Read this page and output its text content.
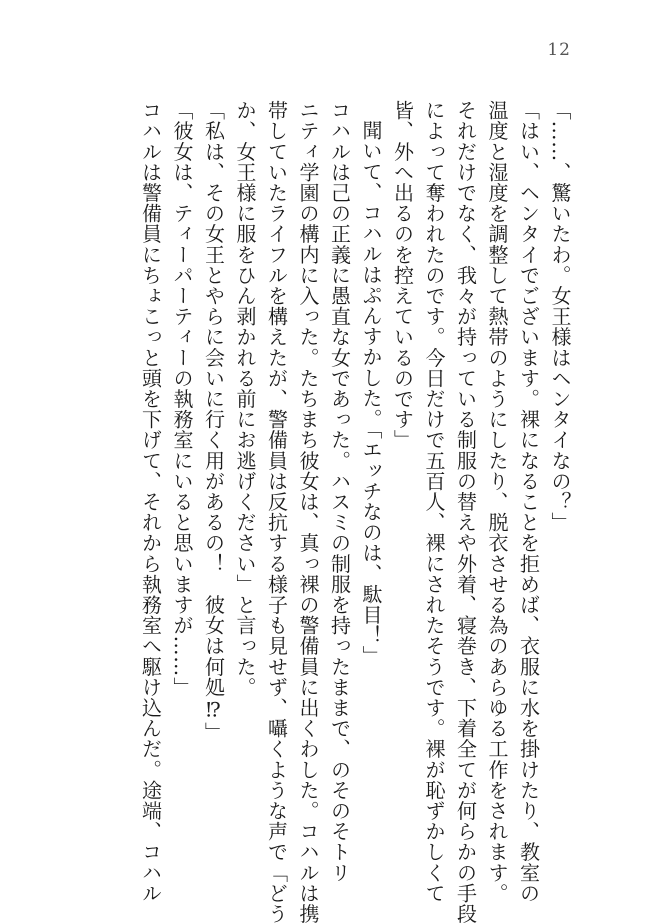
12

「……、驚いたわ。女王様はヘンタイなの？」

「はい、ヘンタイでございます。裸になることを拒めば、衣服に水を掛けたり、教室の

温度と湿度を調整して熱帯のようにしたり、脱衣させる為のあらゆる工作をされます。

それだけでなく、我々が持っている制服の替えや外着、寝巻き、下着全てが何らかの手段

によって奪われたのです。今日だけで五百人、裸にされたそうです。裸が恥ずかしくて

皆、外へ出るのを控えているのです」

聞いて、コハルはぷんすかした。「エッチなのは、駄目！」

コハルは己の正義に愚直な女であった。ハスミの制服を持ったままで、のそのそトリ

ニティ学園の構内に入った。たちまち彼女は、真っ裸の警備員に出くわした。コハルは携

帯していたライフルを構えたが、警備員は反抗する様子も見せず、囁くような声で「どう

か、女王様に服をひん剥かれる前にお逃げください」と言った。

「私は、その女王とやらに会いに行く用があるの！　彼女は何処⁉」

「彼女は、ティーパーティーの執務室にいると思いますが……」

コハルは警備員にちょこっと頭を下げて、それから執務室へ駆け込んだ。途端、コハル
